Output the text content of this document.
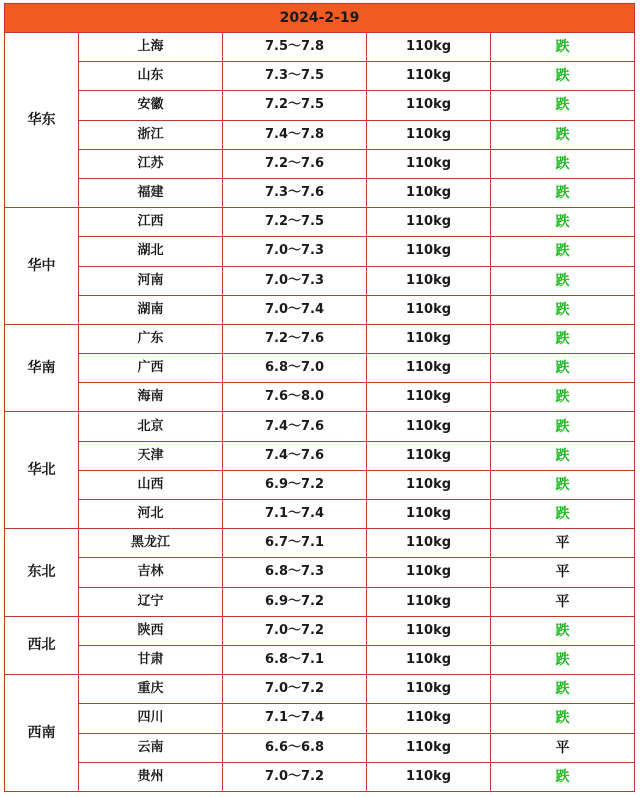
2024-2-19				
华东	上海	7.5～7.8	110kg	跌
	山东	7.3～7.5	110kg	跌
	安徽	7.2～7.5	110kg	跌
	浙江	7.4～7.8	110kg	跌
	江苏	7.2～7.6	110kg	跌
	福建	7.3～7.6	110kg	跌
华中	江西	7.2～7.5	110kg	跌
	湖北	7.0～7.3	110kg	跌
	河南	7.0～7.3	110kg	跌
	湖南	7.0～7.4	110kg	跌
华南	广东	7.2～7.6	110kg	跌
	广西	6.8～7.0	110kg	跌
	海南	7.6～8.0	110kg	跌
华北	北京	7.4～7.6	110kg	跌
	天津	7.4～7.6	110kg	跌
	山西	6.9～7.2	110kg	跌
	河北	7.1～7.4	110kg	跌
东北	黑龙江	6.7～7.1	110kg	平
	吉林	6.8～7.3	110kg	平
	辽宁	6.9～7.2	110kg	平
西北	陕西	7.0～7.2	110kg	跌
	甘肃	6.8～7.1	110kg	跌
西南	重庆	7.0～7.2	110kg	跌
	四川	7.1～7.4	110kg	跌
	云南	6.6～6.8	110kg	平
	贵州	7.0～7.2	110kg	跌
